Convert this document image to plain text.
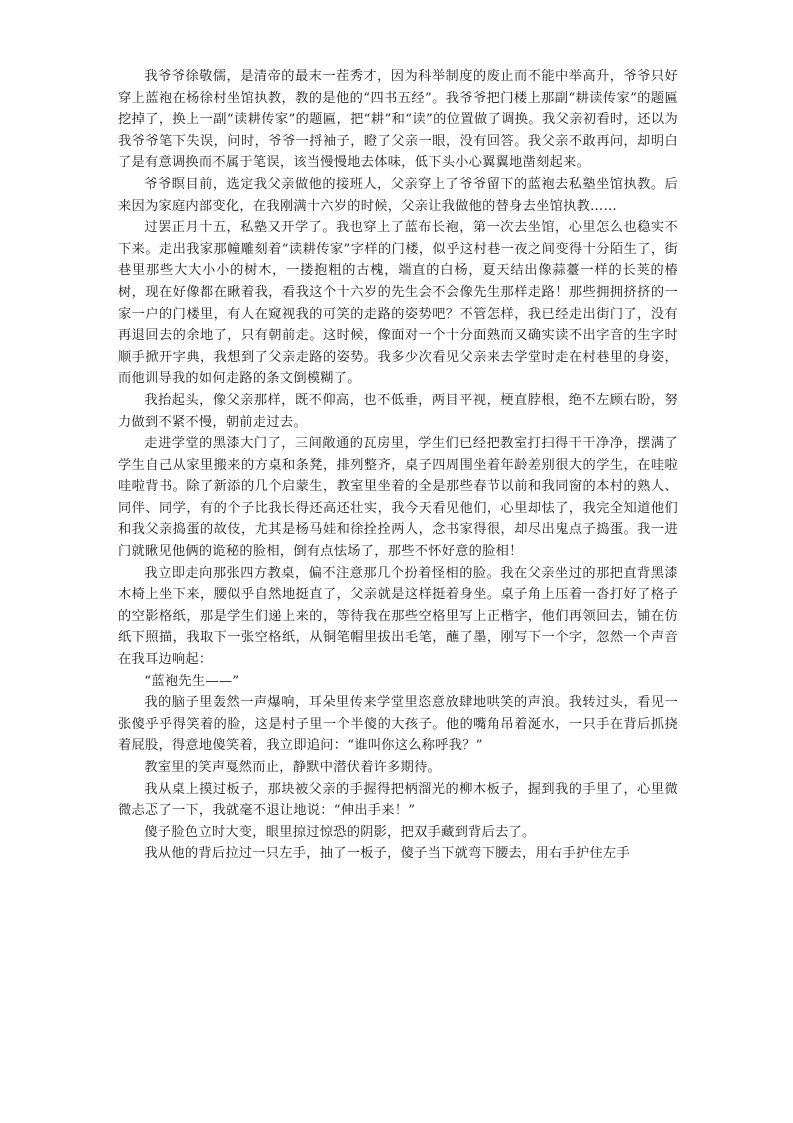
我爷爷徐敬儒，是清帝的最末一茬秀才，因为科举制度的废止而不能中举高升，爷爷只好穿上蓝袍在杨徐村坐馆执教，教的是他的“四书五经”。我爷爷把门楼上那副“耕读传家”的题匾挖掉了，换上一副“读耕传家”的题匾，把“耕”和“读”的位置做了调换。我父亲初看时，还以为我爷爷笔下失误，问时，爷爷一捋袖子，瞪了父亲一眼，没有回答。我父亲不敢再问，却明白了是有意调换而不属于笔误，该当慢慢地去体味，低下头小心翼翼地凿刻起来。

爷爷瞑目前，选定我父亲做他的接班人，父亲穿上了爷爷留下的蓝袍去私塾坐馆执教。后来因为家庭内部变化，在我刚满十六岁的时候，父亲让我做他的替身去坐馆执教……

过罢正月十五，私塾又开学了。我也穿上了蓝布长袍，第一次去坐馆，心里怎么也稳实不下来。走出我家那幢雕刻着“读耕传家”字样的门楼，似乎这村巷一夜之间变得十分陌生了，街巷里那些大大小小的树木，一搂抱粗的古槐，端直的白杨，夏天结出像蒜薹一样的长荚的椿树，现在好像都在瞅着我，看我这个十六岁的先生会不会像先生那样走路！那些拥拥挤挤的一家一户的门楼里，有人在窥视我的可笑的走路的姿势吧？不管怎样，我已经走出街门了，没有再退回去的余地了，只有朝前走。这时候，像面对一个十分面熟而又确实读不出字音的生字时顺手掀开字典，我想到了父亲走路的姿势。我多少次看见父亲来去学堂时走在村巷里的身姿，而他训导我的如何走路的条文倒模糊了。

我抬起头，像父亲那样，既不仰高，也不低垂，两目平视，梗直脖根，绝不左顾右盼，努力做到不紧不慢，朝前走过去。

走进学堂的黑漆大门了，三间敞通的瓦房里，学生们已经把教室打扫得干干净净，摆满了学生自己从家里搬来的方桌和条凳，排列整齐，桌子四周围坐着年龄差别很大的学生，在哇啦哇啦背书。除了新添的几个启蒙生，教室里坐着的全是那些春节以前和我同窗的本村的熟人、同伴、同学，有的个子比我长得还高还壮实，我今天看见他们，心里却怯了，我完全知道他们和我父亲捣蛋的故伎，尤其是杨马娃和徐拴拴两人，念书家得很，却尽出鬼点子捣蛋。我一进门就瞅见他俩的诡秘的脸相，倒有点怯场了，那些不怀好意的脸相！

我立即走向那张四方教桌，偏不注意那几个扮着怪相的脸。我在父亲坐过的那把直背黑漆木椅上坐下来，腰似乎自然地挺直了，父亲就是这样挺着身坐。桌子角上压着一沓打好了格子的空影格纸，那是学生们递上来的，等待我在那些空格里写上正楷字，他们再领回去，铺在仿纸下照描，我取下一张空格纸，从铜笔帽里拔出毛笔，蘸了墨，刚写下一个字，忽然一个声音在我耳边响起：

“蓝袍先生——”

我的脑子里轰然一声爆响，耳朵里传来学堂里恣意放肆地哄笑的声浪。我转过头，看见一张傻乎乎得笑着的脸，这是村子里一个半傻的大孩子。他的嘴角吊着涎水，一只手在背后抓挠着屁股，得意地傻笑着，我立即追问：“谁叫你这么称呼我？”

教室里的笑声戛然而止，静默中潜伏着许多期待。

我从桌上摸过板子，那块被父亲的手握得把柄溜光的柳木板子，握到我的手里了，心里微微忐忑了一下，我就毫不退让地说：“伸出手来！”

傻子脸色立时大变，眼里掠过惊恐的阴影，把双手藏到背后去了。

我从他的背后拉过一只左手，抽了一板子，傻子当下就弯下腰去，用右手护住左手
